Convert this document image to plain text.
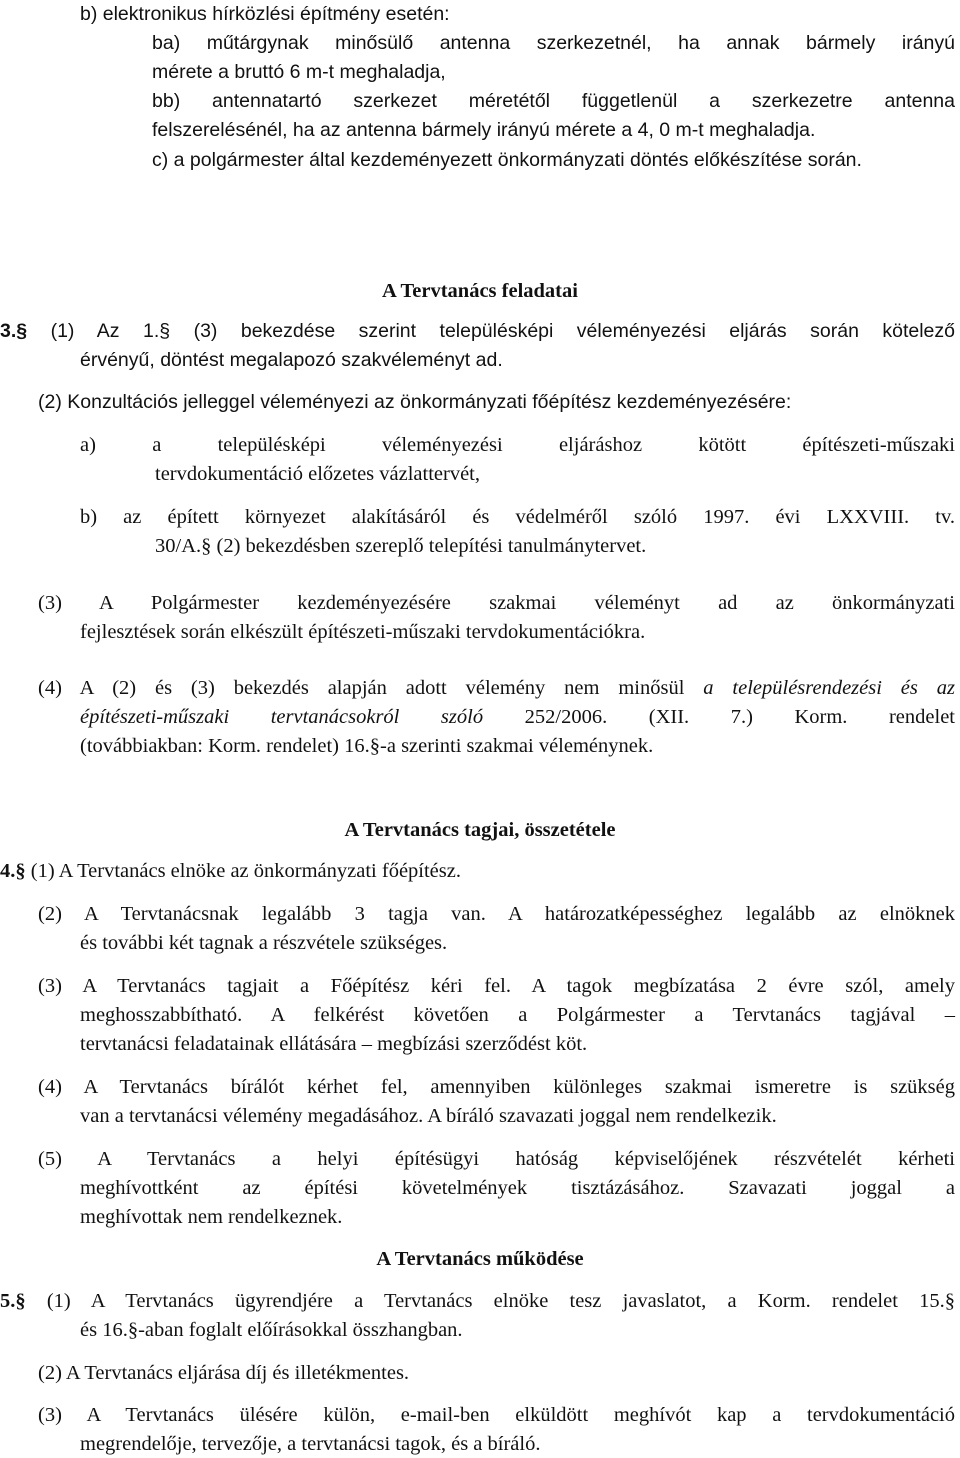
b) elektronikus hírközlési építmény esetén:
ba) műtárgynak minősülő antenna szerkezetnél, ha annak bármely irányú
mérete a bruttó 6 m-t meghaladja,
bb) antennatartó szerkezet méretétől függetlenül a szerkezetre antenna
felszerelésénél, ha az antenna bármely irányú mérete a 4, 0 m-t meghaladja.
c) a polgármester által kezdeményezett önkormányzati döntés előkészítése során.
A Tervtanács feladatai
3.§ (1) Az 1.§ (3) bekezdése szerint településképi véleményezési eljárás során kötelező
érvényű, döntést megalapozó szakvéleményt ad.
(2) Konzultációs jelleggel véleményezi az önkormányzati főépítész kezdeményezésére:
a) a településképi véleményezési eljáráshoz kötött építészeti-műszaki
tervdokumentáció előzetes vázlattervét,
b) az épített környezet alakításáról és védelméről szóló 1997. évi LXXVIII. tv.
30/A.§ (2) bekezdésben szereplő telepítési tanulmánytervet.
(3) A Polgármester kezdeményezésére szakmai véleményt ad az önkormányzati
fejlesztések során elkészült építészeti-műszaki tervdokumentációkra.
(4) A (2) és (3) bekezdés alapján adott vélemény nem minősül a településrendezési és az
építészeti-műszaki tervtanácsokról szóló 252/2006. (XII. 7.) Korm. rendelet
(továbbiakban: Korm. rendelet) 16.§-a szerinti szakmai véleménynek.
A Tervtanács tagjai, összetétele
4.§ (1) A Tervtanács elnöke az önkormányzati főépítész.
(2) A Tervtanácsnak legalább 3 tagja van. A határozatképességhez legalább az elnöknek
és további két tagnak a részvétele szükséges.
(3) A Tervtanács tagjait a Főépítész kéri fel. A tagok megbízatása 2 évre szól, amely
meghosszabbítható. A felkérést követően a Polgármester a Tervtanács tagjával –
tervtanácsi feladatainak ellátására – megbízási szerződést köt.
(4) A Tervtanács bírálót kérhet fel, amennyiben különleges szakmai ismeretre is szükség
van a tervtanácsi vélemény megadásához. A bíráló szavazati joggal nem rendelkezik.
(5) A Tervtanács a helyi építésügyi hatóság képviselőjének részvételét kérheti
meghívottként az építési követelmények tisztázásához. Szavazati joggal a
meghívottak nem rendelkeznek.
A Tervtanács működése
5.§ (1) A Tervtanács ügyrendjére a Tervtanács elnöke tesz javaslatot, a Korm. rendelet 15.§
és 16.§-aban foglalt előírásokkal összhangban.
(2) A Tervtanács eljárása díj és illetékmentes.
(3) A Tervtanács ülésére külön, e-mail-ben elküldött meghívót kap a tervdokumentáció
megrendelője, tervezője, a tervtanácsi tagok, és a bíráló.
